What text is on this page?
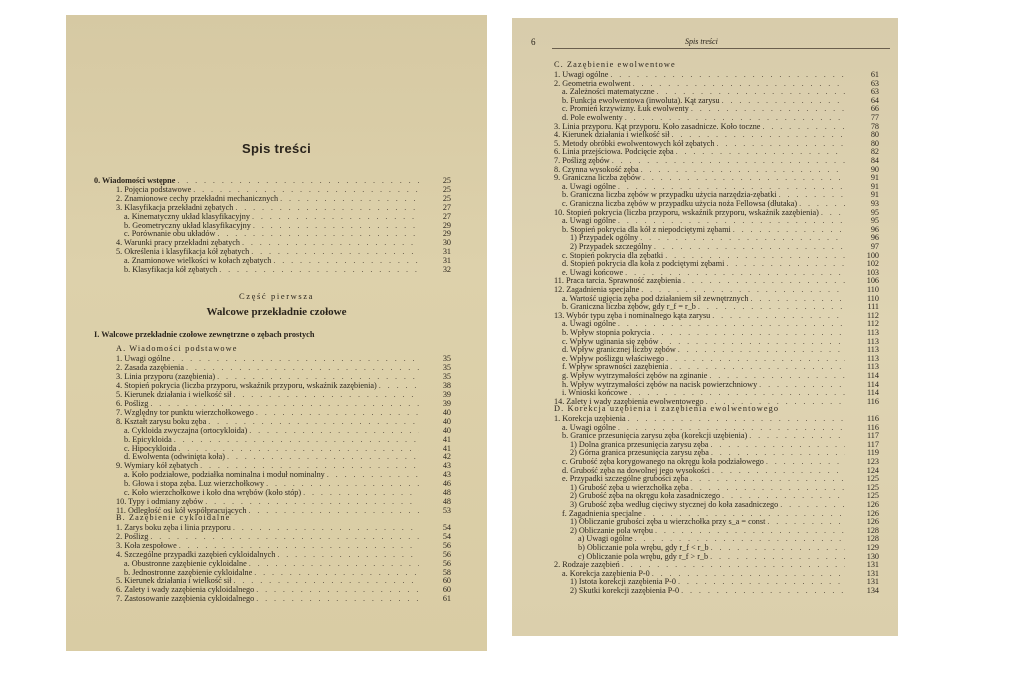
Spis treści
0. Wiadomości wstępne . . .	25
1. Pojęcia podstawowe . . .	25
2. Znamionowe cechy przekładni mechanicznych . . .	25
3. Klasyfikacja przekładni zębatych . . .	27
a. Kinematyczny układ klasyfikacyjny . . .	27
b. Geometryczny układ klasyfikacyjny . . .	29
c. Porównanie obu układów . . .	29
4. Warunki pracy przekładni zębatych . . .	30
5. Określenia i klasyfikacja kół zębatych . . .	31
a. Znamionowe wielkości w kołach zębatych . . .	31
b. Klasyfikacja kół zębatych . . .	32
Część pierwsza
Walcowe przekładnie czołowe
I. Walcowe przekładnie czołowe zewnętrzne o zębach prostych
A. Wiadomości podstawowe
1. Uwagi ogólne . . .	35
2. Zasada zazębienia . . .	35
3. Linia przyporu (zazębienia) . . .	35
4. Stopień pokrycia (liczba przyporu, wskaźnik przyporu, wskaźnik zazębienia) . . .	38
5. Kierunek działania i wielkość sił . . .	39
6. Poślizg . . .	39
7. Względny tor punktu wierzchołkowego . . .	40
8. Kształt zarysu boku zęba . . .	40
a. Cykloida zwyczajna (ortocykloida) . . .	40
b. Epicykloida . . .	41
c. Hipocykloida . . .	41
d. Ewolwenta (odwinięta koła) . . .	42
9. Wymiary kół zębatych . . .	43
a. Koło podziałowe, podziałka nominalna i moduł nominalny . . .	43
b. Głowa i stopa zęba. Luz wierzchołkowy . . .	46
c. Koło wierzchołkowe i koło dna wrębów (koło stóp) . . .	48
10. Typy i odmiany zębów . . .	48
11. Odległość osi kół współpracujących . . .	53
B. Zazębienie cykloidalne
1. Zarys boku zęba i linia przyporu . . .	54
2. Poślizg . . .	54
3. Koła zespołowe . . .	56
4. Szczególne przypadki zazębień cykloidalnych . . .	56
a. Obustronne zazębienie cykloidalne . . .	56
b. Jednostronne zazębienie cykloidalne . . .	58
5. Kierunek działania i wielkość sił . . .	60
6. Zalety i wady zazębienia cykloidalnego . . .	60
7. Zastosowanie zazębienia cykloidalnego . . .	61
6	Spis treści
C. Zazębienie ewolwentowe
1. Uwagi ogólne . . .	61
2. Geometria ewolwent . . .	63
a. Zależności matematyczne . . .	63
b. Funkcja ewolwentowa (inwoluta). Kąt zarysu . . .	64
c. Promień krzywizny. Łuk ewolwenty . . .	66
d. Pole ewolwenty . . .	77
3. Linia przyporu. Kąt przyporu. Koło zasadnicze. Koło toczne . . .	78
4. Kierunek działania i wielkość sił . . .	80
5. Metody obróbki ewolwentowych kół zębatych . . .	80
6. Linia przejściowa. Podcięcie zęba . . .	82
7. Poślizg zębów . . .	84
8. Czynna wysokość zęba . . .	90
9. Graniczna liczba zębów . . .	91
a. Uwagi ogólne . . .	91
b. Graniczna liczba zębów w przypadku użycia narzędzia-zębatki . . .	91
c. Graniczna liczba zębów w przypadku użycia noża Fellowsa (dłutaka) . . .	93
10. Stopień pokrycia (liczba przyporu, wskaźnik przyporu, wskaźnik zazębienia) . . .	95
a. Uwagi ogólne . . .	95
b. Stopień pokrycia dla kół z niepodciętymi zębami . . .	96
1) Przypadek ogólny . . .	96
2) Przypadek szczególny . . .	97
c. Stopień pokrycia dla zębatki . . .	100
d. Stopień pokrycia dla koła z podciętymi zębami . . .	102
e. Uwagi końcowe . . .	103
11. Praca tarcia. Sprawność zazębienia . . .	106
12. Zagadnienia specjalne . . .	110
a. Wartość ugięcia zęba pod działaniem sił zewnętrznych . . .	110
b. Graniczna liczba zębów, gdy r_f = r_b . . .	111
13. Wybór typu zęba i nominalnego kąta zarysu . . .	112
a. Uwagi ogólne . . .	112
b. Wpływ stopnia pokrycia . . .	113
c. Wpływ uginania się zębów . . .	113
d. Wpływ granicznej liczby zębów . . .	113
e. Wpływ poślizgu właściwego . . .	113
f. Wpływ sprawności zazębienia . . .	113
g. Wpływ wytrzymałości zębów na zginanie . . .	114
h. Wpływ wytrzymałości zębów na nacisk powierzchniowy . . .	114
i. Wnioski końcowe . . .	114
14. Zalety i wady zazębienia ewolwentowego . . .	116
D. Korekcja uzębienia i zazębienia ewolwentowego
1. Korekcja uzębienia . . .	116
a. Uwagi ogólne . . .	116
b. Granice przesunięcia zarysu zęba (korekcji uzębienia) . . .	117
1) Dolna granica przesunięcia zarysu zęba . . .	117
2) Górna granica przesunięcia zarysu zęba . . .	119
c. Grubość zęba korygowanego na okręgu koła podziałowego . . .	123
d. Grubość zęba na dowolnej jego wysokości . . .	124
e. Przypadki szczególne grubości zęba . . .	125
1) Grubość zęba u wierzchołka zęba . . .	125
2) Grubość zęba na okręgu koła zasadniczego . . .	125
3) Grubość zęba według cięciwy stycznej do koła zasadniczego . . .	126
f. Zagadnienia specjalne . . .	126
1) Obliczanie grubości zęba u wierzchołka przy s_a = const . . .	126
2) Obliczanie pola wrębu . . .	128
a) Uwagi ogólne . . .	128
b) Obliczanie pola wrębu, gdy r_f < r_b . . .	129
c) Obliczanie pola wrębu, gdy r_f > r_b . . .	130
2. Rodzaje zazębień . . .	131
a. Korekcja zazębienia P-0 . . .	131
1) Istota korekcji zazębienia P-0 . . .	131
2) Skutki korekcji zazębienia P-0 . . .	134
